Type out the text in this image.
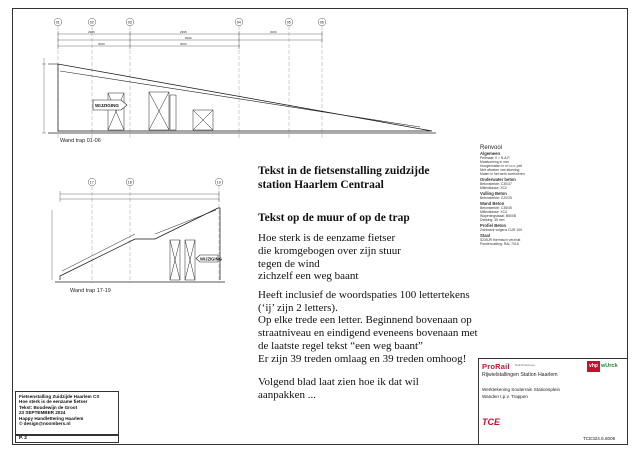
WIJZIGING
01	02	03	04	05	06
2986	2995	3000
6000
3000	3000
WIJZIGING
17	18	19
Wand trap 01-06
Wand trap 17-19
Tekst in de fietsenstalling zuidzijde
station Haarlem Centraal
Tekst op de muur of op de trap
Hoe sterk is de eenzame fietser
die kromgebogen over zijn stuur
tegen de wind
zichzelf een weg baant
Heeft inclusief de woordspaties 100 lettertekens
(‘ij’ zijn 2 letters).
Op elke trede een letter. Beginnend bovenaan op
straatniveau en eindigend eveneens bovenaan met
de laatste regel tekst “een weg baant”
Er zijn 39 treden omlaag en 39 treden omhoog!
Volgend blad laat zien hoe ik dat wil aanpakken ...
Fietsenstalling Zuidzijde Haarlem CS
Hoe sterk is de eenzame fietser
Tekst: Boudewijn de Groot
23 SEPTEMBER 2024
Happy Handlettering Haarlem
© design@noombers.nl
P. 2
Renvooi
Algemeen
Peilmaat: 0 = N.A.P.
Maatvoering in mm
Hoogtematen in m t.o.v. peil
Niet afmeten van tekening
Maten in het werk controleren
Onderwater beton
Betonsterkte: C30/37
Milieuklasse: XC2
Vulling Beton
Betonsterkte: C20/25
Wand Beton
Betonsterkte: C35/45
Milieuklasse: XC4
Wapeningsstaal: B500B
Dekking: 35 mm
Profiel Beton
Zichtwerk volgens CUR 100
Staal
S235JR thermisch verzinkt
Poedercoating: RAL 7016
ProRail Railinfrabeheer	vhp wUrck
Rijwielstallingen Station Haarlem
Werktekening Souterrain Stationsplein
Wanden t.p.v. Trappen
TCE
TCE324.6.6006
